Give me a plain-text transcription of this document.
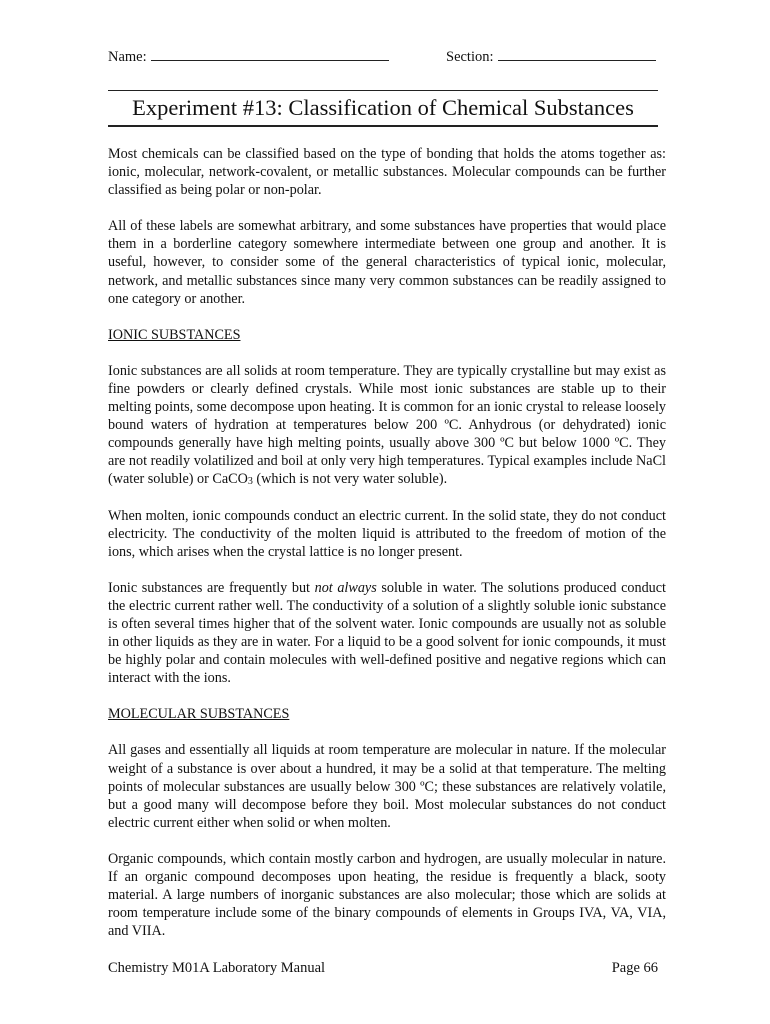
Name:	Section:
Experiment #13: Classification of Chemical Substances

Most chemicals can be classified based on the type of bonding that holds the atoms together as: ionic, molecular, network-covalent, or metallic substances. Molecular compounds can be further classified as being polar or non-polar.

All of these labels are somewhat arbitrary, and some substances have properties that would place them in a borderline category somewhere intermediate between one group and another. It is useful, however, to consider some of the general characteristics of typical ionic, molecular, network, and metallic substances since many very common substances can be readily assigned to one category or another.

IONIC SUBSTANCES

Ionic substances are all solids at room temperature. They are typically crystalline but may exist as fine powders or clearly defined crystals. While most ionic substances are stable up to their melting points, some decompose upon heating. It is common for an ionic crystal to release loosely bound waters of hydration at temperatures below 200 ºC. Anhydrous (or dehydrated) ionic compounds generally have high melting points, usually above 300 ºC but below 1000 ºC. They are not readily volatilized and boil at only very high temperatures. Typical examples include NaCl (water soluble) or CaCO$_3$ (which is not very water soluble).

When molten, ionic compounds conduct an electric current. In the solid state, they do not conduct electricity. The conductivity of the molten liquid is attributed to the freedom of motion of the ions, which arises when the crystal lattice is no longer present.

Ionic substances are frequently but not always soluble in water. The solutions produced conduct the electric current rather well. The conductivity of a solution of a slightly soluble ionic substance is often several times higher that of the solvent water. Ionic compounds are usually not as soluble in other liquids as they are in water. For a liquid to be a good solvent for ionic compounds, it must be highly polar and contain molecules with well-defined positive and negative regions which can interact with the ions.

MOLECULAR SUBSTANCES

All gases and essentially all liquids at room temperature are molecular in nature. If the molecular weight of a substance is over about a hundred, it may be a solid at that temperature. The melting points of molecular substances are usually below 300 ºC; these substances are relatively volatile, but a good many will decompose before they boil. Most molecular substances do not conduct electric current either when solid or when molten.

Organic compounds, which contain mostly carbon and hydrogen, are usually molecular in nature. If an organic compound decomposes upon heating, the residue is frequently a black, sooty material. A large numbers of inorganic substances are also molecular; those which are solids at room temperature include some of the binary compounds of elements in Groups IVA, VA, VIA, and VIIA.

Chemistry M01A Laboratory Manual	Page 66
